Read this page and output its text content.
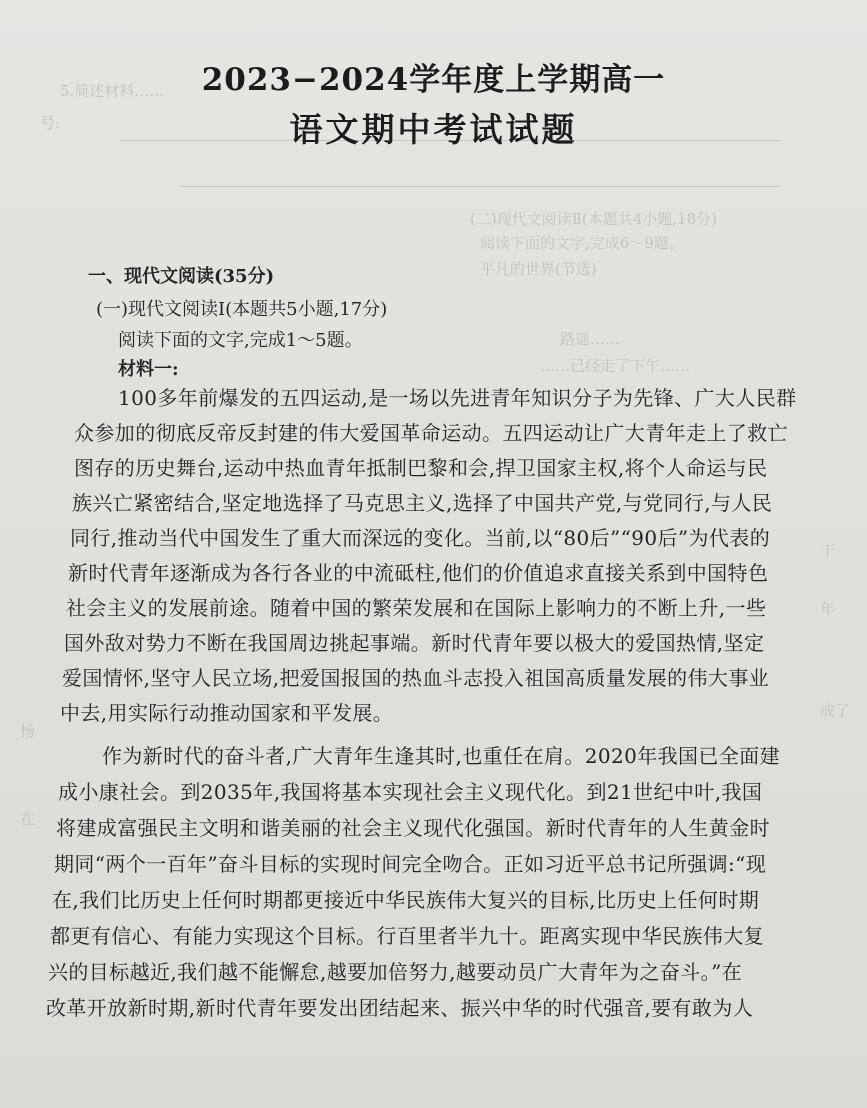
5.简述材料……
号:
(二)现代文阅读Ⅱ(本题共4小题,18分)
阅读下面的文字,完成6～9题。
平凡的世界(节选)
路遥……
……已经走了下午……
干
年
成了
杨
在
2023−2024学年度上学期高一
语文期中考试试题
一、现代文阅读(35分)
(一)现代文阅读Ⅰ(本题共5小题,17分)
阅读下面的文字,完成1～5题。
材料一:
100多年前爆发的五四运动,是一场以先进青年知识分子为先锋、广大人民群
众参加的彻底反帝反封建的伟大爱国革命运动。五四运动让广大青年走上了救亡
图存的历史舞台,运动中热血青年抵制巴黎和会,捍卫国家主权,将个人命运与民
族兴亡紧密结合,坚定地选择了马克思主义,选择了中国共产党,与党同行,与人民
同行,推动当代中国发生了重大而深远的变化。当前,以“80后”“90后”为代表的
新时代青年逐渐成为各行各业的中流砥柱,他们的价值追求直接关系到中国特色
社会主义的发展前途。随着中国的繁荣发展和在国际上影响力的不断上升,一些
国外敌对势力不断在我国周边挑起事端。新时代青年要以极大的爱国热情,坚定
爱国情怀,坚守人民立场,把爱国报国的热血斗志投入祖国高质量发展的伟大事业
中去,用实际行动推动国家和平发展。
作为新时代的奋斗者,广大青年生逢其时,也重任在肩。2020年我国已全面建
成小康社会。到2035年,我国将基本实现社会主义现代化。到21世纪中叶,我国
将建成富强民主文明和谐美丽的社会主义现代化强国。新时代青年的人生黄金时
期同“两个一百年”奋斗目标的实现时间完全吻合。正如习近平总书记所强调:“现
在,我们比历史上任何时期都更接近中华民族伟大复兴的目标,比历史上任何时期
都更有信心、有能力实现这个目标。行百里者半九十。距离实现中华民族伟大复
兴的目标越近,我们越不能懈怠,越要加倍努力,越要动员广大青年为之奋斗。”在
改革开放新时期,新时代青年要发出团结起来、振兴中华的时代强音,要有敢为人
